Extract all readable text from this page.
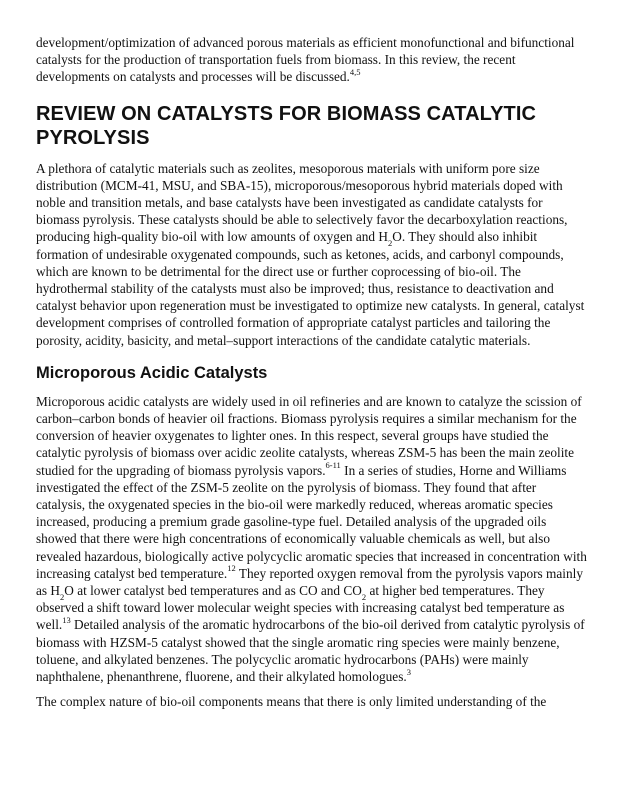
development/optimization of advanced porous materials as efficient monofunctional and bifunctional catalysts for the production of transportation fuels from biomass. In this review, the recent developments on catalysts and processes will be discussed.$^{4,5}$

REVIEW ON CATALYSTS FOR BIOMASS CATALYTIC PYROLYSIS

A plethora of catalytic materials such as zeolites, mesoporous materials with uniform pore size distribution (MCM-41, MSU, and SBA-15), microporous/mesoporous hybrid materials doped with noble and transition metals, and base catalysts have been investigated as candidate catalysts for biomass pyrolysis. These catalysts should be able to selectively favor the decarboxylation reactions, producing high-quality bio-oil with low amounts of oxygen and $H_2O$. They should also inhibit formation of undesirable oxygenated compounds, such as ketones, acids, and carbonyl compounds, which are known to be detrimental for the direct use or further coprocessing of bio-oil. The hydrothermal stability of the catalysts must also be improved; thus, resistance to deactivation and catalyst behavior upon regeneration must be investigated to optimize new catalysts. In general, catalyst development comprises of controlled formation of appropriate catalyst particles and tailoring the porosity, acidity, basicity, and metal–support interactions of the candidate catalytic materials.

Microporous Acidic Catalysts

Microporous acidic catalysts are widely used in oil refineries and are known to catalyze the scission of carbon–carbon bonds of heavier oil fractions. Biomass pyrolysis requires a similar mechanism for the conversion of heavier oxygenates to lighter ones. In this respect, several groups have studied the catalytic pyrolysis of biomass over acidic zeolite catalysts, whereas ZSM-5 has been the main zeolite studied for the upgrading of biomass pyrolysis vapors.$^{6-11}$ In a series of studies, Horne and Williams investigated the effect of the ZSM-5 zeolite on the pyrolysis of biomass. They found that after catalysis, the oxygenated species in the bio-oil were markedly reduced, whereas aromatic species increased, producing a premium grade gasoline-type fuel. Detailed analysis of the upgraded oils showed that there were high concentrations of economically valuable chemicals as well, but also revealed hazardous, biologically active polycyclic aromatic species that increased in concentration with increasing catalyst bed temperature.$^{12}$ They reported oxygen removal from the pyrolysis vapors mainly as $H_2O$ at lower catalyst bed temperatures and as CO and $CO_2$ at higher bed temperatures. They observed a shift toward lower molecular weight species with increasing catalyst bed temperature as well.$^{13}$ Detailed analysis of the aromatic hydrocarbons of the bio-oil derived from catalytic pyrolysis of biomass with HZSM-5 catalyst showed that the single aromatic ring species were mainly benzene, toluene, and alkylated benzenes. The polycyclic aromatic hydrocarbons (PAHs) were mainly naphthalene, phenanthrene, fluorene, and their alkylated homologues.$^3$

The complex nature of bio-oil components means that there is only limited understanding of the
